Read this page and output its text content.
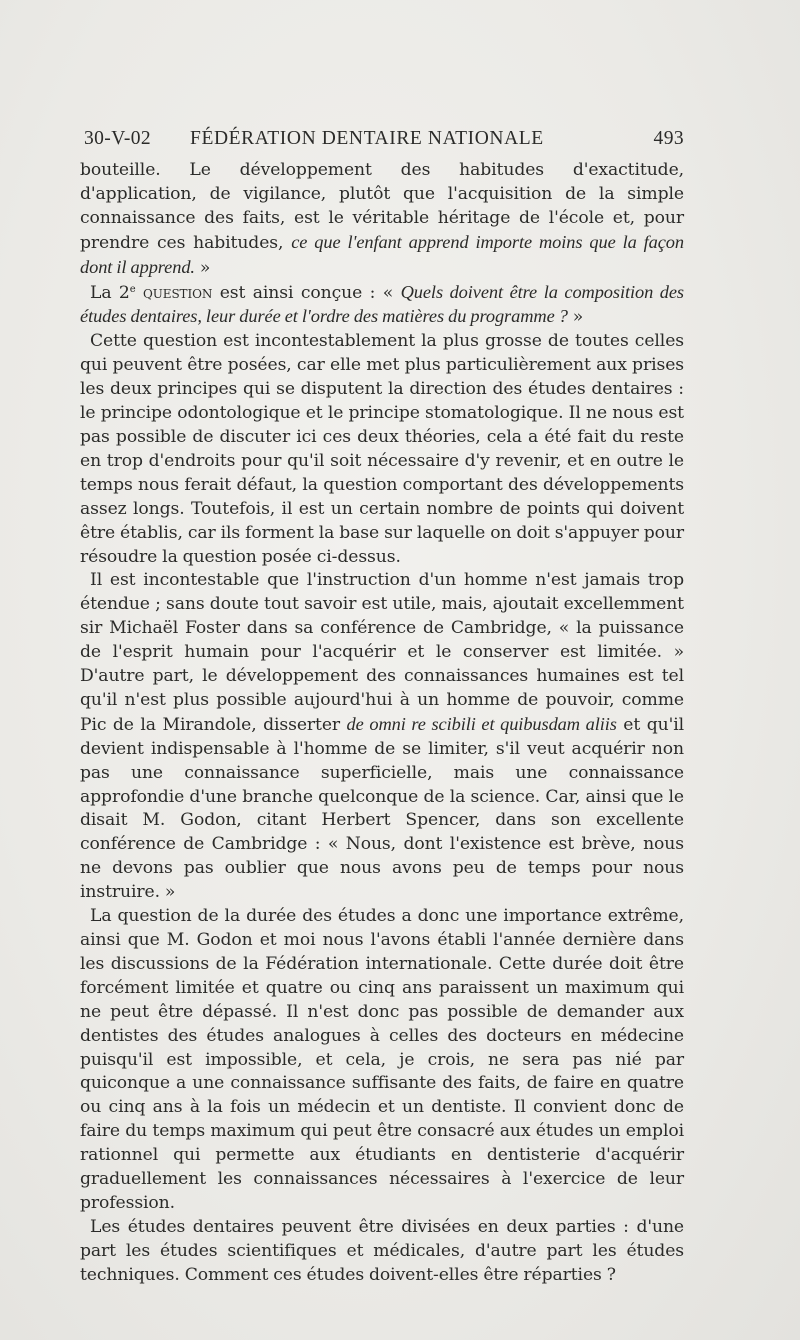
30-V-02 FÉDÉRATION DENTAIRE NATIONALE	493

bouteille. Le développement des habitudes d'exactitude, d'application, de vigilance, plutôt que l'acquisition de la simple connaissance des faits, est le véritable héritage de l'école et, pour prendre ces habitudes, ce que l'enfant apprend importe moins que la façon dont il apprend. »

La 2e question est ainsi conçue : « Quels doivent être la composition des études dentaires, leur durée et l'ordre des matières du programme ? »

Cette question est incontestablement la plus grosse de toutes celles qui peuvent être posées, car elle met plus particulièrement aux prises les deux principes qui se disputent la direction des études dentaires : le principe odontologique et le principe stomatologique. Il ne nous est pas possible de discuter ici ces deux théories, cela a été fait du reste en trop d'endroits pour qu'il soit nécessaire d'y revenir, et en outre le temps nous ferait défaut, la question comportant des développements assez longs. Toutefois, il est un certain nombre de points qui doivent être établis, car ils forment la base sur laquelle on doit s'appuyer pour résoudre la question posée ci-dessus.

Il est incontestable que l'instruction d'un homme n'est jamais trop étendue ; sans doute tout savoir est utile, mais, ajoutait excellemment sir Michaël Foster dans sa conférence de Cambridge, « la puissance de l'esprit humain pour l'acquérir et le conserver est limitée. » D'autre part, le développement des connaissances humaines est tel qu'il n'est plus possible aujourd'hui à un homme de pouvoir, comme Pic de la Mirandole, disserter de omni re scibili et quibusdam aliis et qu'il devient indispensable à l'homme de se limiter, s'il veut acquérir non pas une connaissance superficielle, mais une connaissance approfondie d'une branche quelconque de la science. Car, ainsi que le disait M. Godon, citant Herbert Spencer, dans son excellente conférence de Cambridge : « Nous, dont l'existence est brève, nous ne devons pas oublier que nous avons peu de temps pour nous instruire. »

La question de la durée des études a donc une importance extrême, ainsi que M. Godon et moi nous l'avons établi l'année dernière dans les discussions de la Fédération internationale. Cette durée doit être forcément limitée et quatre ou cinq ans paraissent un maximum qui ne peut être dépassé. Il n'est donc pas possible de demander aux dentistes des études analogues à celles des docteurs en médecine puisqu'il est impossible, et cela, je crois, ne sera pas nié par quiconque a une connaissance suffisante des faits, de faire en quatre ou cinq ans à la fois un médecin et un dentiste. Il convient donc de faire du temps maximum qui peut être consacré aux études un emploi rationnel qui permette aux étudiants en dentisterie d'acquérir graduellement les connaissances nécessaires à l'exercice de leur profession.

Les études dentaires peuvent être divisées en deux parties : d'une part les études scientifiques et médicales, d'autre part les études techniques. Comment ces études doivent-elles être réparties ?
